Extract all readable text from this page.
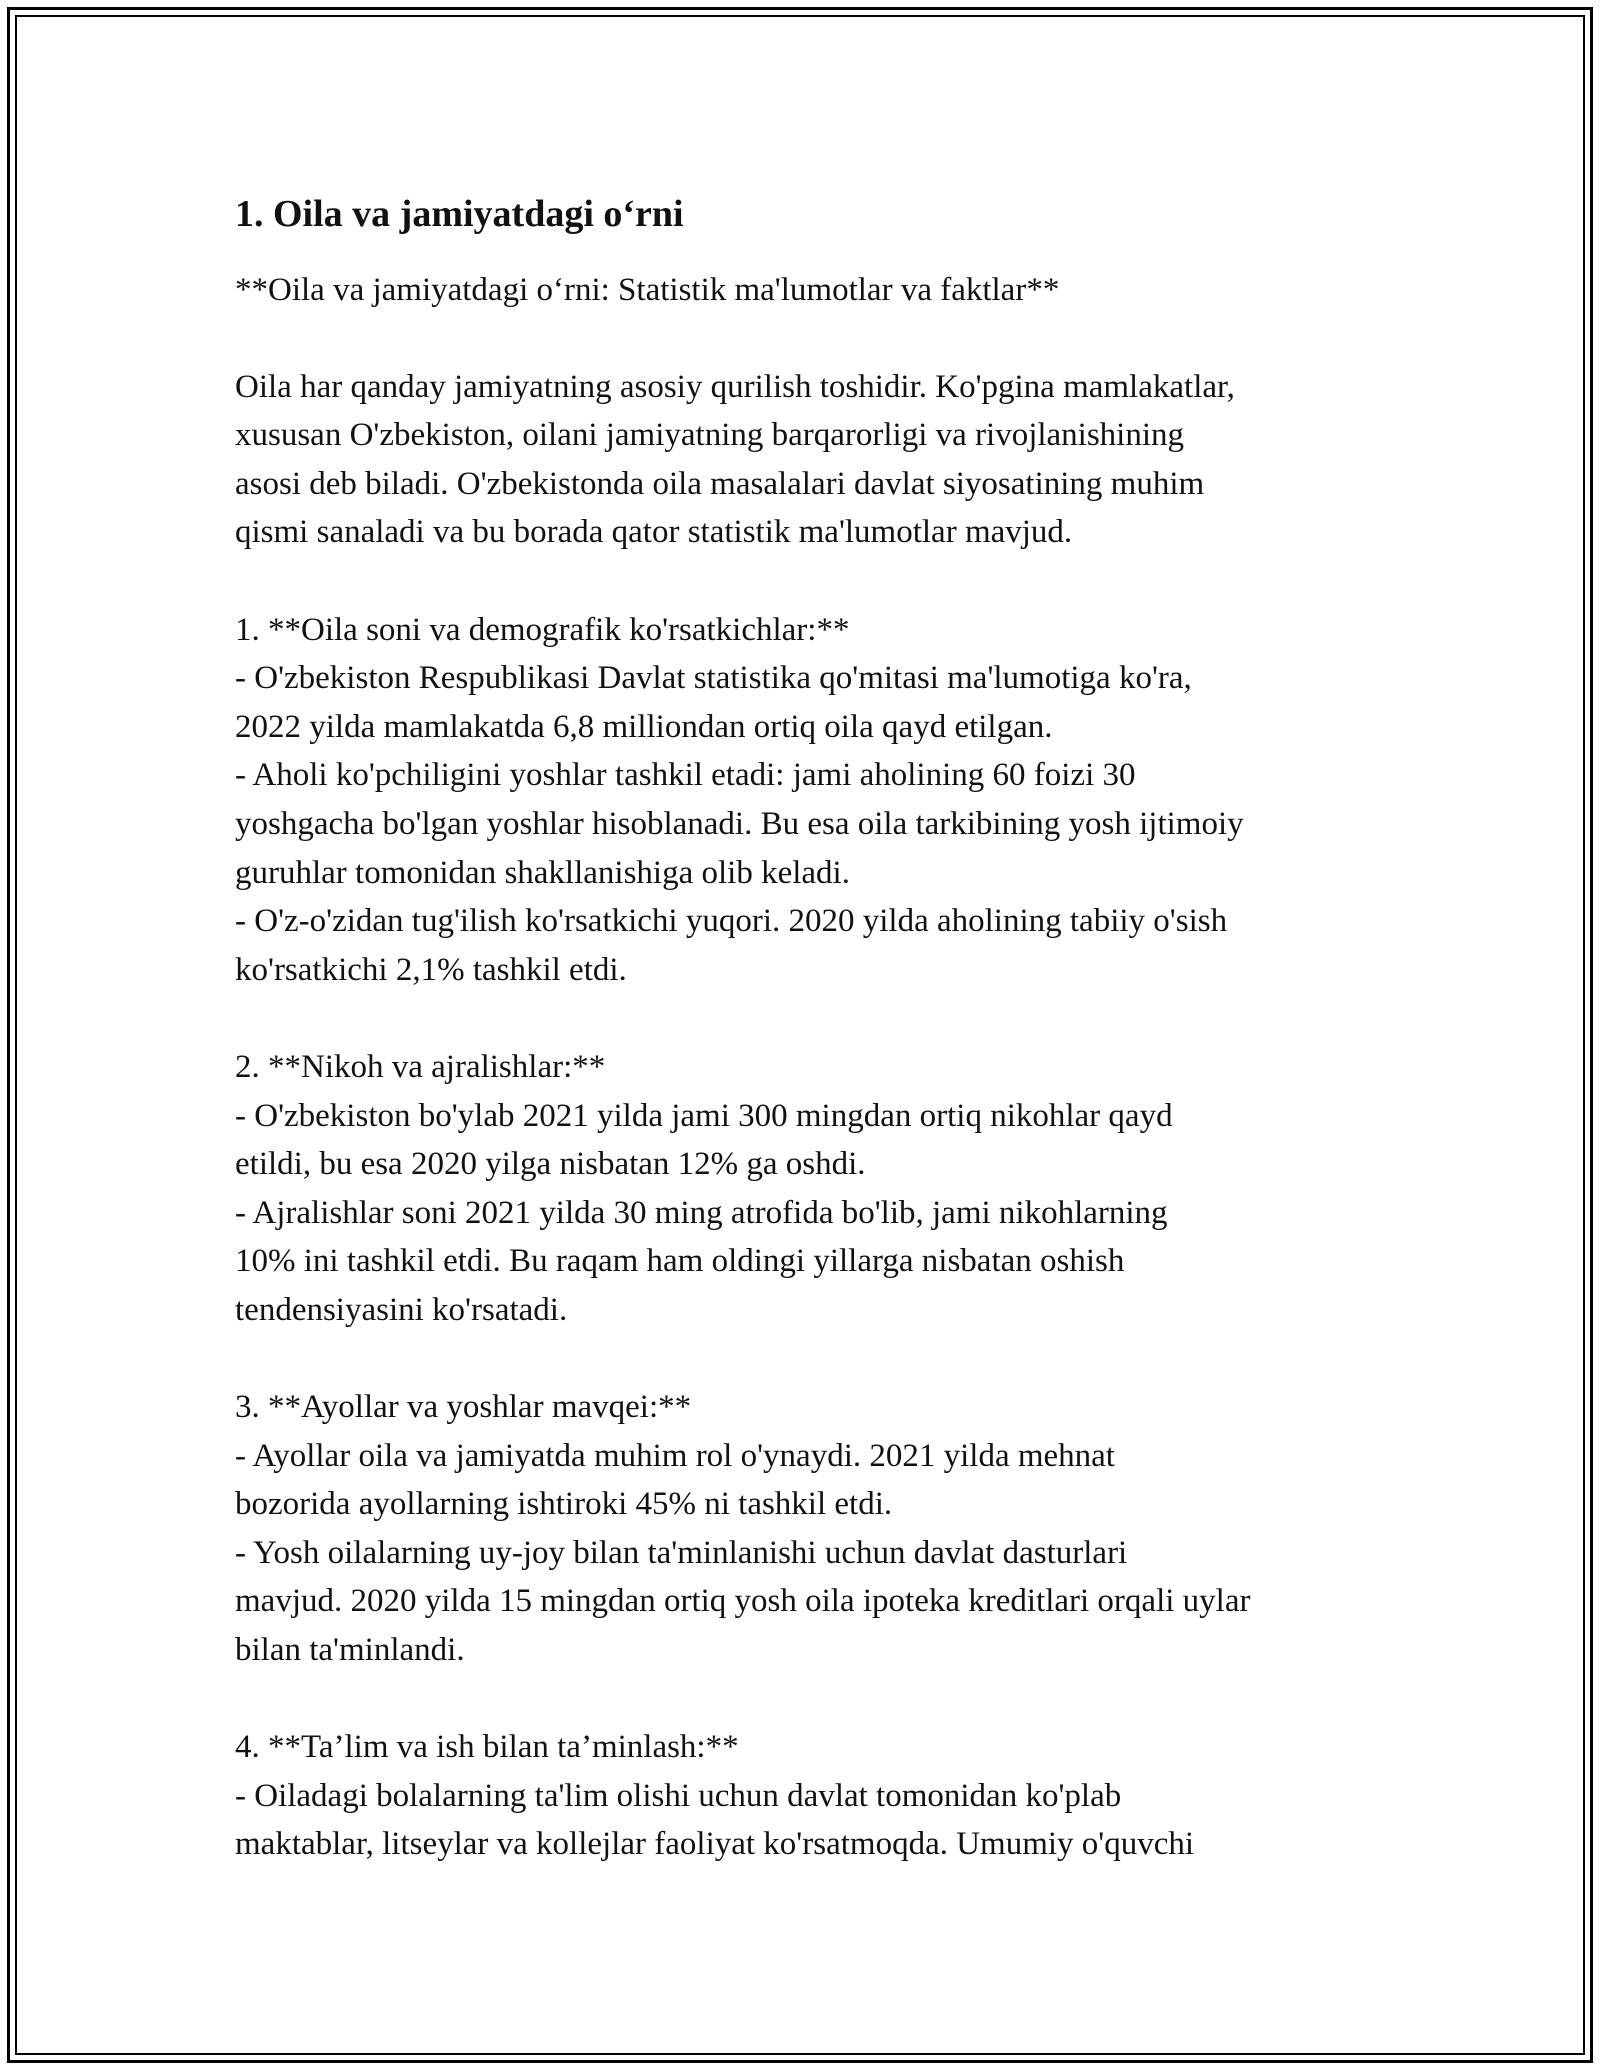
1. Oila va jamiyatdagi o‘rni

**Oila va jamiyatdagi o‘rni: Statistik ma'lumotlar va faktlar**

Oila har qanday jamiyatning asosiy qurilish toshidir. Ko'pgina mamlakatlar,
xususan O'zbekiston, oilani jamiyatning barqarorligi va rivojlanishining
asosi deb biladi. O'zbekistonda oila masalalari davlat siyosatining muhim
qismi sanaladi va bu borada qator statistik ma'lumotlar mavjud.

1. **Oila soni va demografik ko'rsatkichlar:**

- O'zbekiston Respublikasi Davlat statistika qo'mitasi ma'lumotiga ko'ra,
2022 yilda mamlakatda 6,8 milliondan ortiq oila qayd etilgan.
- Aholi ko'pchiligini yoshlar tashkil etadi: jami aholining 60 foizi 30
yoshgacha bo'lgan yoshlar hisoblanadi. Bu esa oila tarkibining yosh ijtimoiy
guruhlar tomonidan shakllanishiga olib keladi.
- O'z-o'zidan tug'ilish ko'rsatkichi yuqori. 2020 yilda aholining tabiiy o'sish
ko'rsatkichi 2,1% tashkil etdi.

2. **Nikoh va ajralishlar:**

- O'zbekiston bo'ylab 2021 yilda jami 300 mingdan ortiq nikohlar qayd
etildi, bu esa 2020 yilga nisbatan 12% ga oshdi.
- Ajralishlar soni 2021 yilda 30 ming atrofida bo'lib, jami nikohlarning
10% ini tashkil etdi. Bu raqam ham oldingi yillarga nisbatan oshish
tendensiyasini ko'rsatadi.

3. **Ayollar va yoshlar mavqei:**

- Ayollar oila va jamiyatda muhim rol o'ynaydi. 2021 yilda mehnat
bozorida ayollarning ishtiroki 45% ni tashkil etdi.
- Yosh oilalarning uy-joy bilan ta'minlanishi uchun davlat dasturlari
mavjud. 2020 yilda 15 mingdan ortiq yosh oila ipoteka kreditlari orqali uylar
bilan ta'minlandi.

4. **Ta’lim va ish bilan ta’minlash:**

- Oiladagi bolalarning ta'lim olishi uchun davlat tomonidan ko'plab
maktablar, litseylar va kollejlar faoliyat ko'rsatmoqda. Umumiy o'quvchi
